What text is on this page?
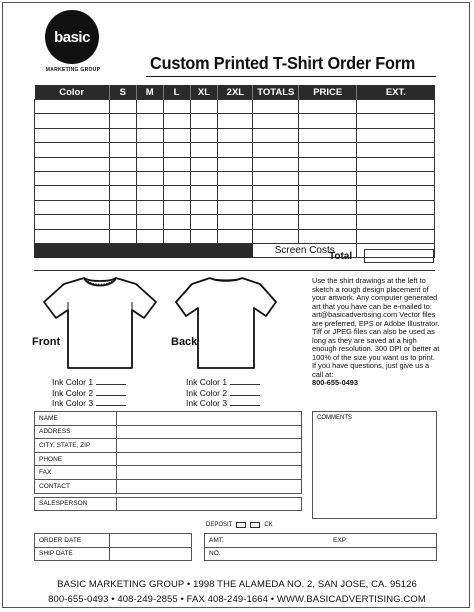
basic
MARKETING GROUP	Custom Printed T-Shirt Order Form
Color	S	M	L	XL	2XL	TOTALS	PRICE	EXT.

						Screen Costs		
Total
Front	Back
Ink Color 1
Ink Color 2
Ink Color 3
Ink Color 1
Ink Color 2
Ink Color 3
Use the shirt drawings at the left to sketch a rough design placement of your artwork. Any computer generated art that you have can be e-mailed to: art@basicadvertising.com Vector files are preferred, EPS or Adobe Illustrator. Tiff or JPEG files can also be used as long as they are saved at a high enough resolution. 300 DPI or better at 100% of the size you want us to print. If you have questions, just give us a call at:
800-655-0493
NAME	
ADDRESS	
CITY, STATE, ZIP	
PHONE	
FAX	
CONTACT	

SALESPERSON	
COMMENTS
DEPOSIT	CK
ORDER DATE	
SHIP DATE	
AMT.	EXP:	
NO.
BASIC MARKETING GROUP • 1998 THE ALAMEDA NO. 2, SAN JOSE, CA. 95126
800-655-0493 • 408-249-2855 • FAX 408-249-1664 • WWW.BASICADVERTISING.COM
